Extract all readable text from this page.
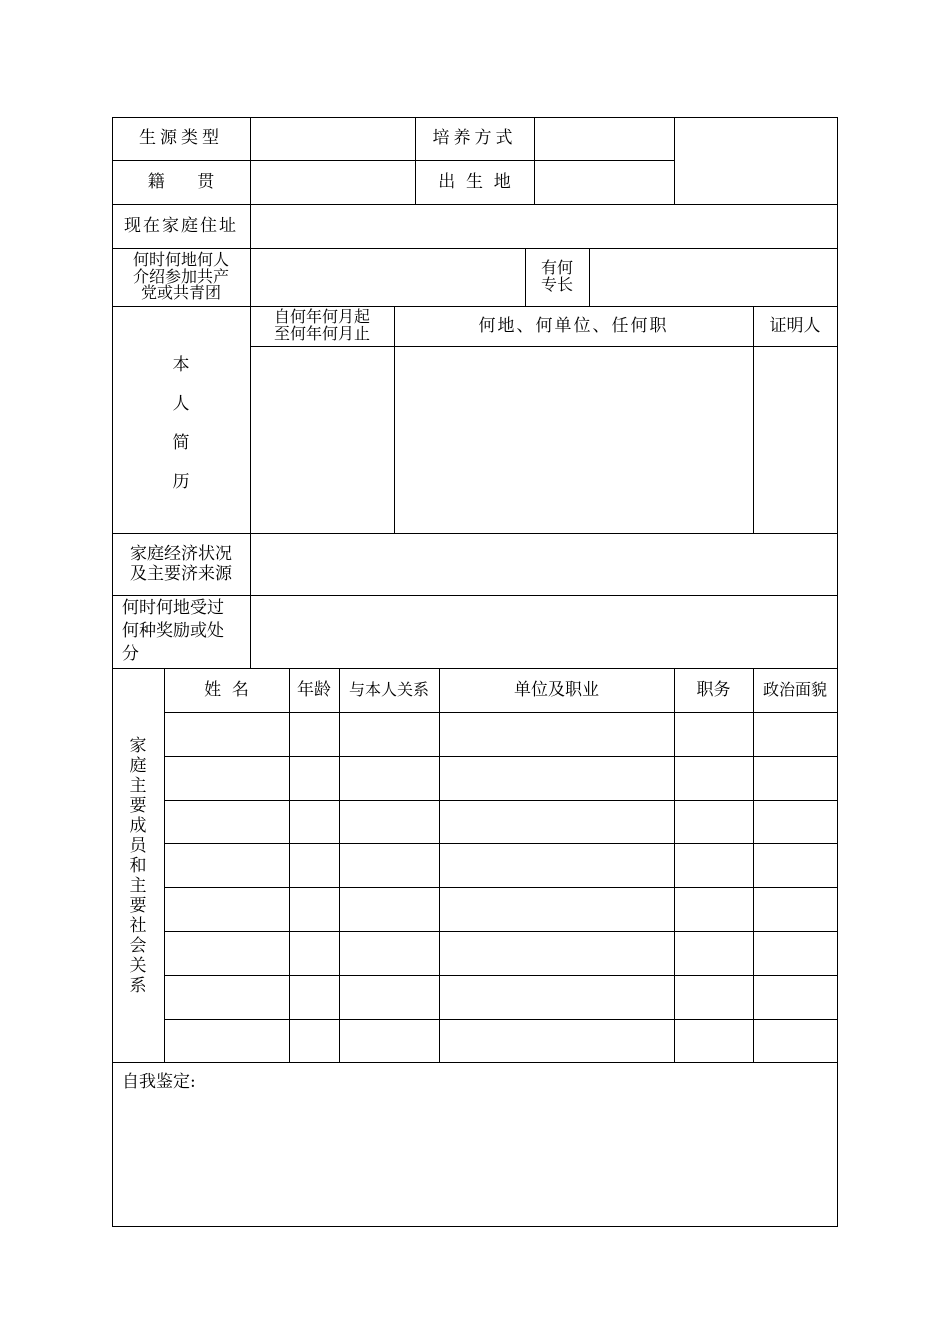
生源类型	培养方式
籍      贯	出  生  地
现在家庭住址
何时何地何人
介绍参加共产
党或共青团
有何
专长
本
人
简
历
自何年何月起
至何年何月止	何地、何单位、任何职	证明人
家庭经济状况
及主要济来源
何时何地受过
何种奖励或处
分
家
庭
主
要
成
员
和
主
要
社
会
关
系
姓  名	年龄	与本人关系	单位及职业	职务	政治面貌
自我鉴定:
